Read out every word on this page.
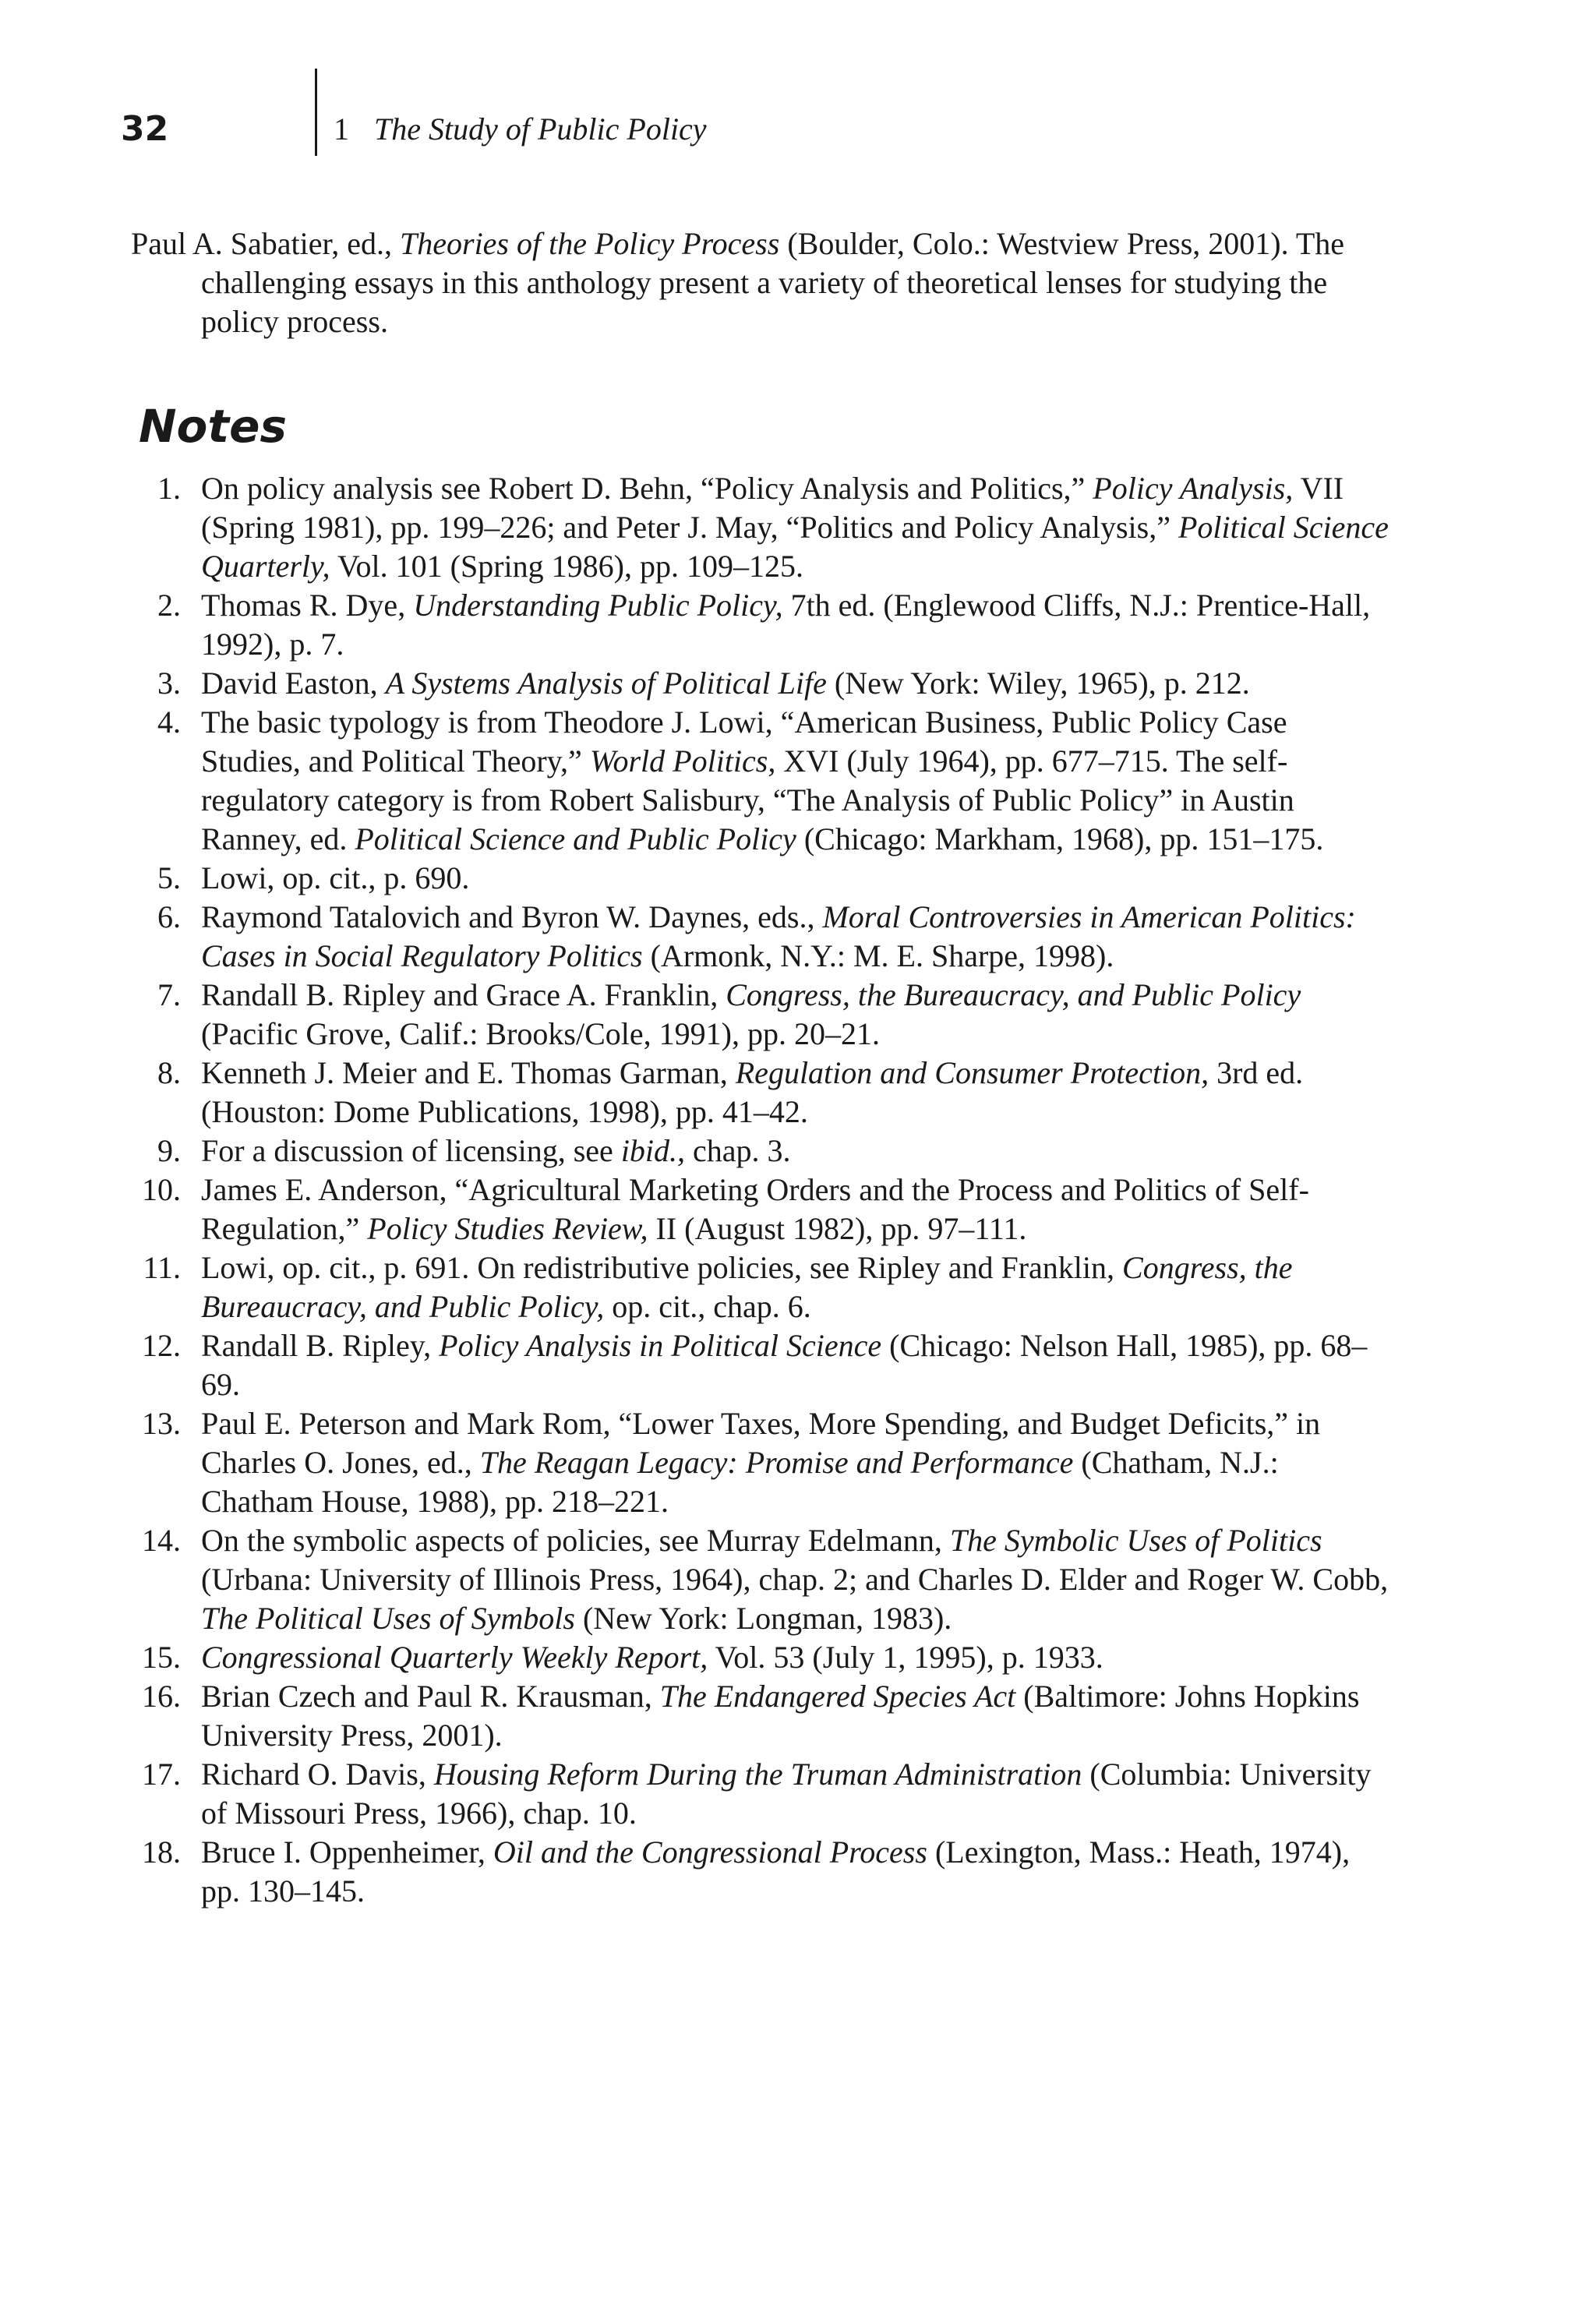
32	1 The Study of Public Policy

Paul A. Sabatier, ed., Theories of the Policy Process (Boulder, Colo.: Westview Press, 2001). The challenging essays in this anthology present a variety of theoretical lenses for studying the policy process.

Notes
1. On policy analysis see Robert D. Behn, “Policy Analysis and Politics,” Policy Analysis, VII (Spring 1981), pp. 199–226; and Peter J. May, “Politics and Policy Analysis,” Political Science Quarterly, Vol. 101 (Spring 1986), pp. 109–125.
2. Thomas R. Dye, Understanding Public Policy, 7th ed. (Englewood Cliffs, N.J.: Prentice-Hall, 1992), p. 7.
3. David Easton, A Systems Analysis of Political Life (New York: Wiley, 1965), p. 212.
4. The basic typology is from Theodore J. Lowi, “American Business, Public Policy Case Studies, and Political Theory,” World Politics, XVI (July 1964), pp. 677–715. The self-regulatory category is from Robert Salisbury, “The Analysis of Public Policy” in Austin Ranney, ed. Political Science and Public Policy (Chicago: Markham, 1968), pp. 151–175.
5. Lowi, op. cit., p. 690.
6. Raymond Tatalovich and Byron W. Daynes, eds., Moral Controversies in American Politics: Cases in Social Regulatory Politics (Armonk, N.Y.: M. E. Sharpe, 1998).
7. Randall B. Ripley and Grace A. Franklin, Congress, the Bureaucracy, and Public Policy (Pacific Grove, Calif.: Brooks/Cole, 1991), pp. 20–21.
8. Kenneth J. Meier and E. Thomas Garman, Regulation and Consumer Protection, 3rd ed. (Houston: Dome Publications, 1998), pp. 41–42.
9. For a discussion of licensing, see ibid., chap. 3.
10. James E. Anderson, “Agricultural Marketing Orders and the Process and Politics of Self-Regulation,” Policy Studies Review, II (August 1982), pp. 97–111.
11. Lowi, op. cit., p. 691. On redistributive policies, see Ripley and Franklin, Congress, the Bureaucracy, and Public Policy, op. cit., chap. 6.
12. Randall B. Ripley, Policy Analysis in Political Science (Chicago: Nelson Hall, 1985), pp. 68–69.
13. Paul E. Peterson and Mark Rom, “Lower Taxes, More Spending, and Budget Deficits,” in Charles O. Jones, ed., The Reagan Legacy: Promise and Performance (Chatham, N.J.: Chatham House, 1988), pp. 218–221.
14. On the symbolic aspects of policies, see Murray Edelmann, The Symbolic Uses of Politics (Urbana: University of Illinois Press, 1964), chap. 2; and Charles D. Elder and Roger W. Cobb, The Political Uses of Symbols (New York: Longman, 1983).
15. Congressional Quarterly Weekly Report, Vol. 53 (July 1, 1995), p. 1933.
16. Brian Czech and Paul R. Krausman, The Endangered Species Act (Baltimore: Johns Hopkins University Press, 2001).
17. Richard O. Davis, Housing Reform During the Truman Administration (Columbia: University of Missouri Press, 1966), chap. 10.
18. Bruce I. Oppenheimer, Oil and the Congressional Process (Lexington, Mass.: Heath, 1974), pp. 130–145.
